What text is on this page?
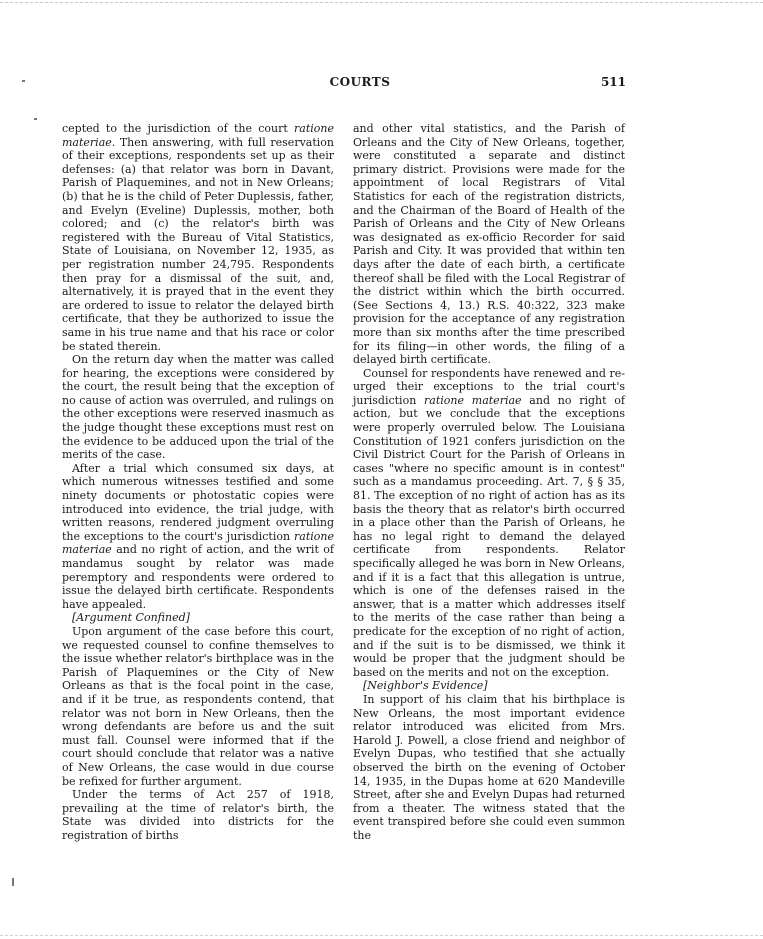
COURTS	511

cepted to the jurisdiction of the court ratione materiae. Then answering, with full reservation of their exceptions, respondents set up as their defenses: (a) that relator was born in Davant, Parish of Plaquemines, and not in New Orleans; (b) that he is the child of Peter Duplessis, father, and Evelyn (Eveline) Duplessis, mother, both colored; and (c) the relator's birth was registered with the Bureau of Vital Statistics, State of Louisiana, on November 12, 1935, as per registration number 24,795. Respondents then pray for a dismissal of the suit, and, alternatively, it is prayed that in the event they are ordered to issue to relator the delayed birth certificate, that they be authorized to issue the same in his true name and that his race or color be stated therein.

On the return day when the matter was called for hearing, the exceptions were considered by the court, the result being that the exception of no cause of action was overruled, and rulings on the other exceptions were reserved inasmuch as the judge thought these exceptions must rest on the evidence to be adduced upon the trial of the merits of the case.

After a trial which consumed six days, at which numerous witnesses testified and some ninety documents or photostatic copies were introduced into evidence, the trial judge, with written reasons, rendered judgment overruling the exceptions to the court's jurisdiction ratione materiae and no right of action, and the writ of mandamus sought by relator was made peremptory and respondents were ordered to issue the delayed birth certificate. Respondents have appealed.

[Argument Confined]

Upon argument of the case before this court, we requested counsel to confine themselves to the issue whether relator's birthplace was in the Parish of Plaquemines or the City of New Orleans as that is the focal point in the case, and if it be true, as respondents contend, that relator was not born in New Orleans, then the wrong defendants are before us and the suit must fall. Counsel were informed that if the court should conclude that relator was a native of New Orleans, the case would in due course be refixed for further argument.

Under the terms of Act 257 of 1918, prevailing at the time of relator's birth, the State was divided into districts for the registration of births

and other vital statistics, and the Parish of Orleans and the City of New Orleans, together, were constituted a separate and distinct primary district. Provisions were made for the appointment of local Registrars of Vital Statistics for each of the registration districts, and the Chairman of the Board of Health of the Parish of Orleans and the City of New Orleans was designated as ex-officio Recorder for said Parish and City. It was provided that within ten days after the date of each birth, a certificate thereof shall be filed with the Local Registrar of the district within which the birth occurred. (See Sections 4, 13.) R.S. 40:322, 323 make provision for the acceptance of any registration more than six months after the time prescribed for its filing—in other words, the filing of a delayed birth certificate.

Counsel for respondents have renewed and re-urged their exceptions to the trial court's jurisdiction ratione materiae and no right of action, but we conclude that the exceptions were properly overruled below. The Louisiana Constitution of 1921 confers jurisdiction on the Civil District Court for the Parish of Orleans in cases "where no specific amount is in contest" such as a mandamus proceeding. Art. 7, § § 35, 81. The exception of no right of action has as its basis the theory that as relator's birth occurred in a place other than the Parish of Orleans, he has no legal right to demand the delayed certificate from respondents. Relator specifically alleged he was born in New Orleans, and if it is a fact that this allegation is untrue, which is one of the defenses raised in the answer, that is a matter which addresses itself to the merits of the case rather than being a predicate for the exception of no right of action, and if the suit is to be dismissed, we think it would be proper that the judgment should be based on the merits and not on the exception.

[Neighbor's Evidence]

In support of his claim that his birthplace is New Orleans, the most important evidence relator introduced was elicited from Mrs. Harold J. Powell, a close friend and neighbor of Evelyn Dupas, who testified that she actually observed the birth on the evening of October 14, 1935, in the Dupas home at 620 Mandeville Street, after she and Evelyn Dupas had returned from a theater. The witness stated that the event transpired before she could even summon the
